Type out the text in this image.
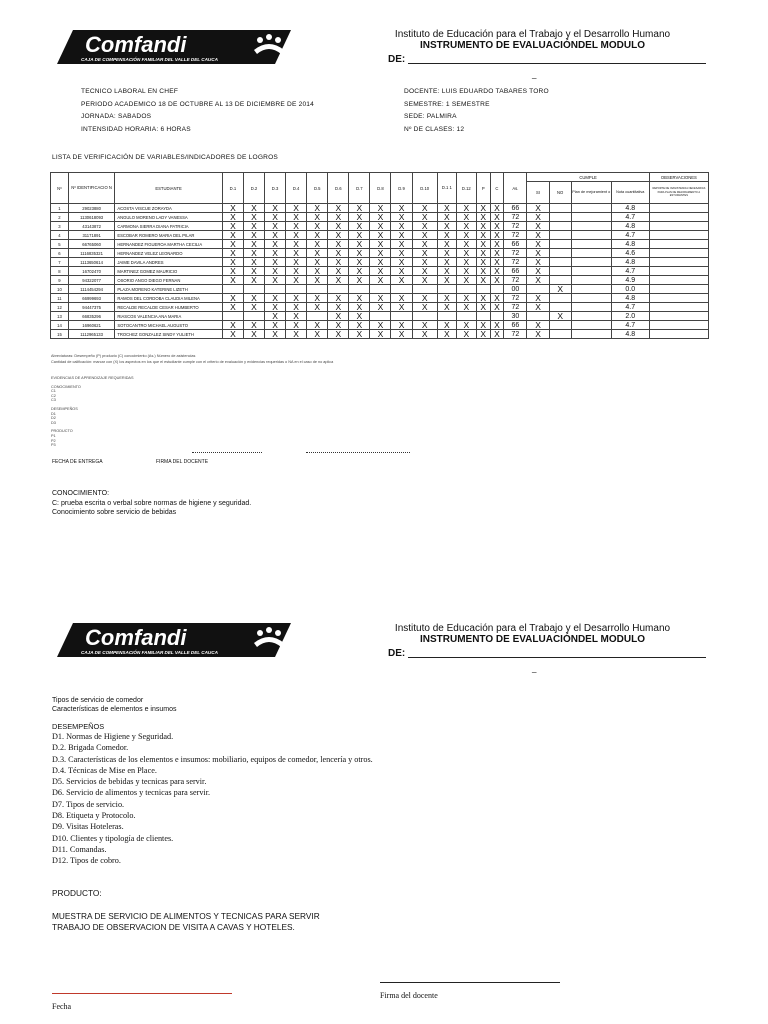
Comfandi
CAJA DE COMPENSACIÓN FAMILIAR DEL VALLE DEL CAUCA
Instituto de Educación para el Trabajo y el Desarrollo Humano
INSTRUMENTO DE EVALUACIÓNDEL MODULO
DE:
_
TECNICO LABORAL EN CHEF
PERIODO ACADEMICO 18 DE OCTUBRE AL 13 DE DICIEMBRE DE 2014
JORNADA: SABADOS
INTENSIDAD HORARIA: 6 HORAS
DOCENTE: LUIS EDUARDO TABARES TORO
SEMESTRE: 1 SEMESTRE
SEDE: PALMIRA
Nº DE CLASES: 12
LISTA DE VERIFICACIÓN DE VARIABLES/INDICADORES DE LOGROS
Nº	Nº IDENTIFICACIO N	ESTUDIANTE	D.1	D.2	D.3	D.4	D.5	D.6	D.7	D.8	D.9	D.10	D.1 1	D.12	P	C	As.	CUMPLE				OBSERVACIONES
																		SI	NO	Plan de mejoramient o	Nota cuantitativa	REPORTE DE INASISTENCIA NECESARIAS PARA PLAN DE MEJORAMIENTO A ESTUDIANTES
1	29023880	ACOSTA VISCUE ZORAYDA	X	X	X	X	X	X	X	X	X	X	X	X	X	X	66	X			4.8	
2	1130618093	ANGULO MORENO LADY VANESSA	X	X	X	X	X	X	X	X	X	X	X	X	X	X	72	X			4.7	
3	43143872	CARMONA SIERRA DIANA PATRICIA	X	X	X	X	X	X	X	X	X	X	X	X	X	X	72	X			4.8	
4	31171891	ESCOBAR ROMERO MARIA DEL PILAR	X	X	X	X	X	X	X	X	X	X	X	X	X	X	72	X			4.7	
5	66765060	HERNANDEZ FIGUEROA MARTHA CECILIA	X	X	X	X	X	X	X	X	X	X	X	X	X	X	66	X			4.8	
6	1116835321	HERNANDEZ VELEZ LEONARDO	X	X	X	X	X	X	X	X	X	X	X	X	X	X	72	X			4.6	
7	1113650614	JAIME DAVILA ANDRES	X	X	X	X	X	X	X	X	X	X	X	X	X	X	72	X			4.8	
8	16702470	MARTINEZ GOMEZ MAURICIO	X	X	X	X	X	X	X	X	X	X	X	X	X	X	66	X			4.7	
9	94322077	OSORIO ANGO DIEGO FERNAN	X	X	X	X	X	X	X	X	X	X	X	X	X	X	72	X			4.9	
10	1114454294	PLAZA MORENO KATERINE LIZETH															00		X		0.0	
11	66999693	RAMOS DEL CORDOBA CLAUDIA MILENA	X	X	X	X	X	X	X	X	X	X	X	X	X	X	72	X			4.8	
12	94447375	RECALDE RECALDE CESAR HUMBERTO	X	X	X	X	X	X	X	X	X	X	X	X	X	X	72	X			4.7	
13	66835296	RIASCOS VALENCIA ANA MARIA			X	X		X	X								30		X		2.0	
14	16960621	SOTOCANTRO MICHAEL AUGUSTO	X	X	X	X	X	X	X	X	X	X	X	X	X	X	66	X			4.7	
15	1112965133	TROCHEZ GONZALEZ SINDY YULIETH	X	X	X	X	X	X	X	X	X	X	X	X	X	X	72	X			4.8	
Abreviaturas: Desempeño (P) producto (C) conocimiento (As.) Número de asistencias
Cantidad de calificación: marcar con (X) los aspectos en los que el estudiante cumple con el criterio de evaluación y evidencias requeridas o NA en el caso de no aplica
EVIDENCIAS DE APRENDIZAJE REQUERIDAS
CONOCIMIENTO
C1
C2
C3
DESEMPEÑOS
D1
D2
D3
PRODUCTO
P1
P2
P3
FECHA DE ENTREGA	FIRMA DEL DOCENTE
CONOCIMIENTO:
C: prueba escrita o verbal sobre normas de higiene y seguridad.
Conocimiento sobre servicio de bebidas
Comfandi
CAJA DE COMPENSACIÓN FAMILIAR DEL VALLE DEL CAUCA
Instituto de Educación para el Trabajo y el Desarrollo Humano
INSTRUMENTO DE EVALUACIÓNDEL MODULO
DE:
_
Tipos de servicio de comedor
Características de elementos e insumos
DESEMPEÑOS
D1. Normas de Higiene y Seguridad.
D.2. Brigada Comedor.
D.3. Características de los elementos e insumos: mobiliario, equipos de comedor, lencería y otros.
D.4. Técnicas de Mise en Place.
D5. Servicios de bebidas y tecnicas para servir.
D6. Servicio de alimentos y tecnicas para servir.
D7. Tipos de servicio.
D8. Etiqueta y Protocolo.
D9. Visitas Hoteleras.
D10. Clientes y tipología de clientes.
D11. Comandas.
D12. Tipos de cobro.
PRODUCTO:
MUESTRA DE SERVICIO DE ALIMENTOS Y TECNICAS PARA SERVIR
TRABAJO DE OBSERVACION DE VISITA A CAVAS Y HOTELES.
Firma del docente
Fecha
